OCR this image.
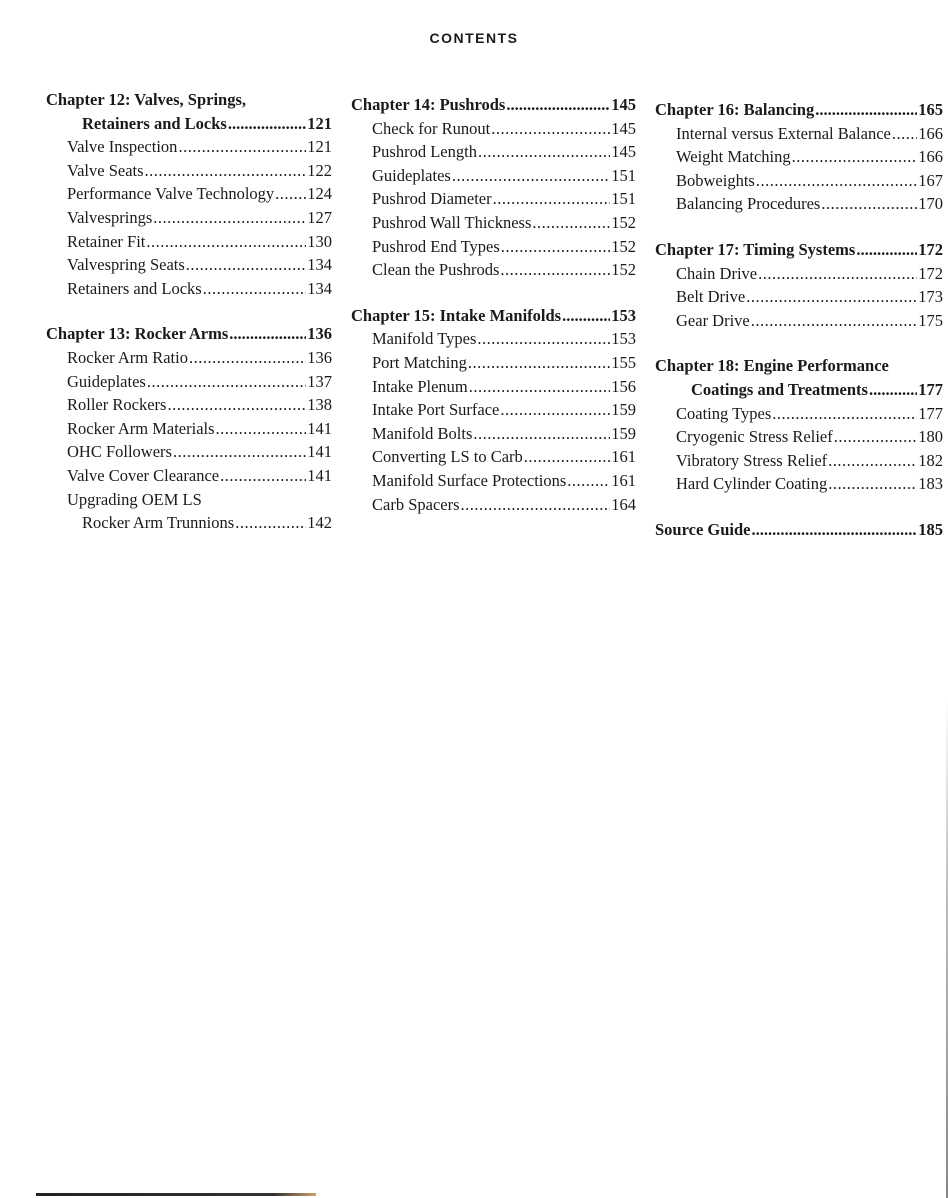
CONTENTS
Chapter 12: Valves, Springs,
Retainers and Locks .....	121
Valve Inspection .....	121
Valve Seats .....	122
Performance Valve Technology ..... 124
Valvesprings .....	127
Retainer Fit .....	130
Valvespring Seats .....	134
Retainers and Locks .....	134
Chapter 13: Rocker Arms .....	136
Rocker Arm Ratio .....	136
Guideplates .....	137
Roller Rockers .....	138
Rocker Arm Materials .....	141
OHC Followers .....	141
Valve Cover Clearance .....	141
Upgrading OEM LS
Rocker Arm Trunnions .....	142
Chapter 14: Pushrods .....	145
Check for Runout .....	145
Pushrod Length .....	145
Guideplates .....	151
Pushrod Diameter .....	151
Pushrod Wall Thickness .....	152
Pushrod End Types .....	152
Clean the Pushrods .....	152
Chapter 15: Intake Manifolds .....	153
Manifold Types .....	153
Port Matching .....	155
Intake Plenum .....	156
Intake Port Surface .....	159
Manifold Bolts .....	159
Converting LS to Carb .....	161
Manifold Surface Protections .....	161
Carb Spacers .....	164
Chapter 16: Balancing .....	165
Internal versus External Balance ..... 166
Weight Matching .....	166
Bobweights .....	167
Balancing Procedures .....	170
Chapter 17: Timing Systems .....	172
Chain Drive .....	172
Belt Drive .....	173
Gear Drive .....	175
Chapter 18: Engine Performance
Coatings and Treatments .....	177
Coating Types .....	177
Cryogenic Stress Relief .....	180
Vibratory Stress Relief .....	182
Hard Cylinder Coating .....	183
Source Guide .....	185
